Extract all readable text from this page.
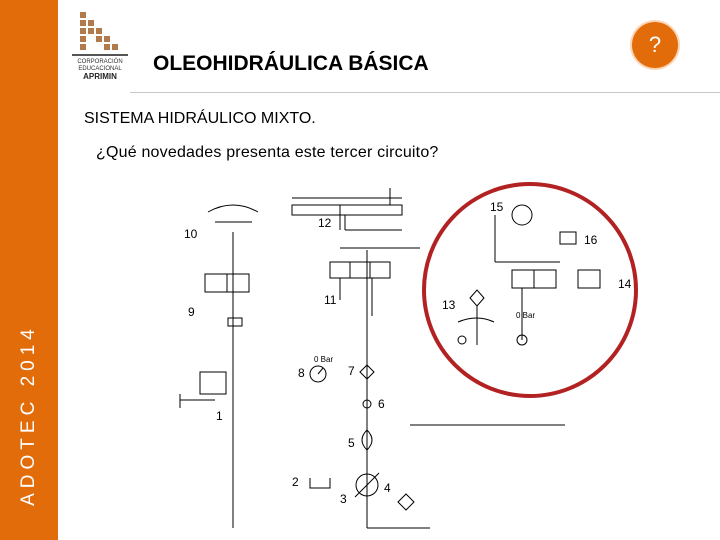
ADOTEC 2014
CORPORACIÓN
EDUCACIONAL
APRIMIN
OLEOHIDRÁULICA BÁSICA
?
SISTEMA HIDRÁULICO MIXTO.
¿Qué novedades presenta este tercer circuito?
1
2
3
4
5
6
7
8
9
10
11
12
13
14
15
16
0 Bar
0 Bar
